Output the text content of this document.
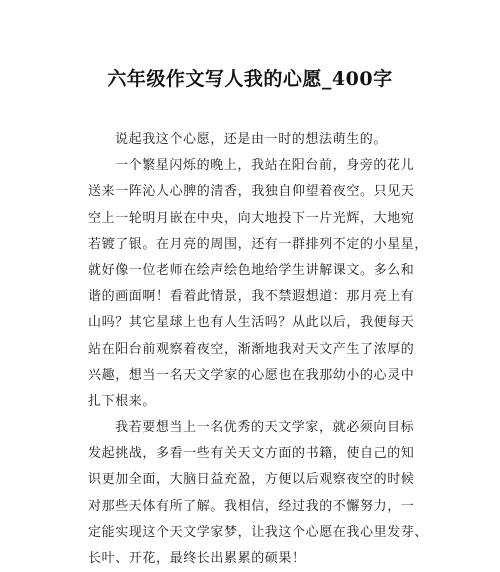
六年级作文写人我的心愿_400字
说起我这个心愿，还是由一时的想法萌生的。
一个繁星闪烁的晚上，我站在阳台前，身旁的花儿
送来一阵沁人心脾的清香，我独自仰望着夜空。只见天
空上一轮明月嵌在中央，向大地投下一片光辉，大地宛
若镀了银。在月亮的周围，还有一群排列不定的小星星，
就好像一位老师在绘声绘色地给学生讲解课文。多么和
谐的画面啊！看着此情景，我不禁遐想道：那月亮上有
山吗？其它星球上也有人生活吗？从此以后，我便每天
站在阳台前观察着夜空，渐渐地我对天文产生了浓厚的
兴趣，想当一名天文学家的心愿也在我那幼小的心灵中
扎下根来。
我若要想当上一名优秀的天文学家，就必须向目标
发起挑战，多看一些有关天文方面的书籍，使自己的知
识更加全面，大脑日益充盈，方便以后观察夜空的时候
对那些天体有所了解。我相信，经过我的不懈努力，一
定能实现这个天文学家梦，让我这个心愿在我心里发芽、
长叶、开花，最终长出累累的硕果！
